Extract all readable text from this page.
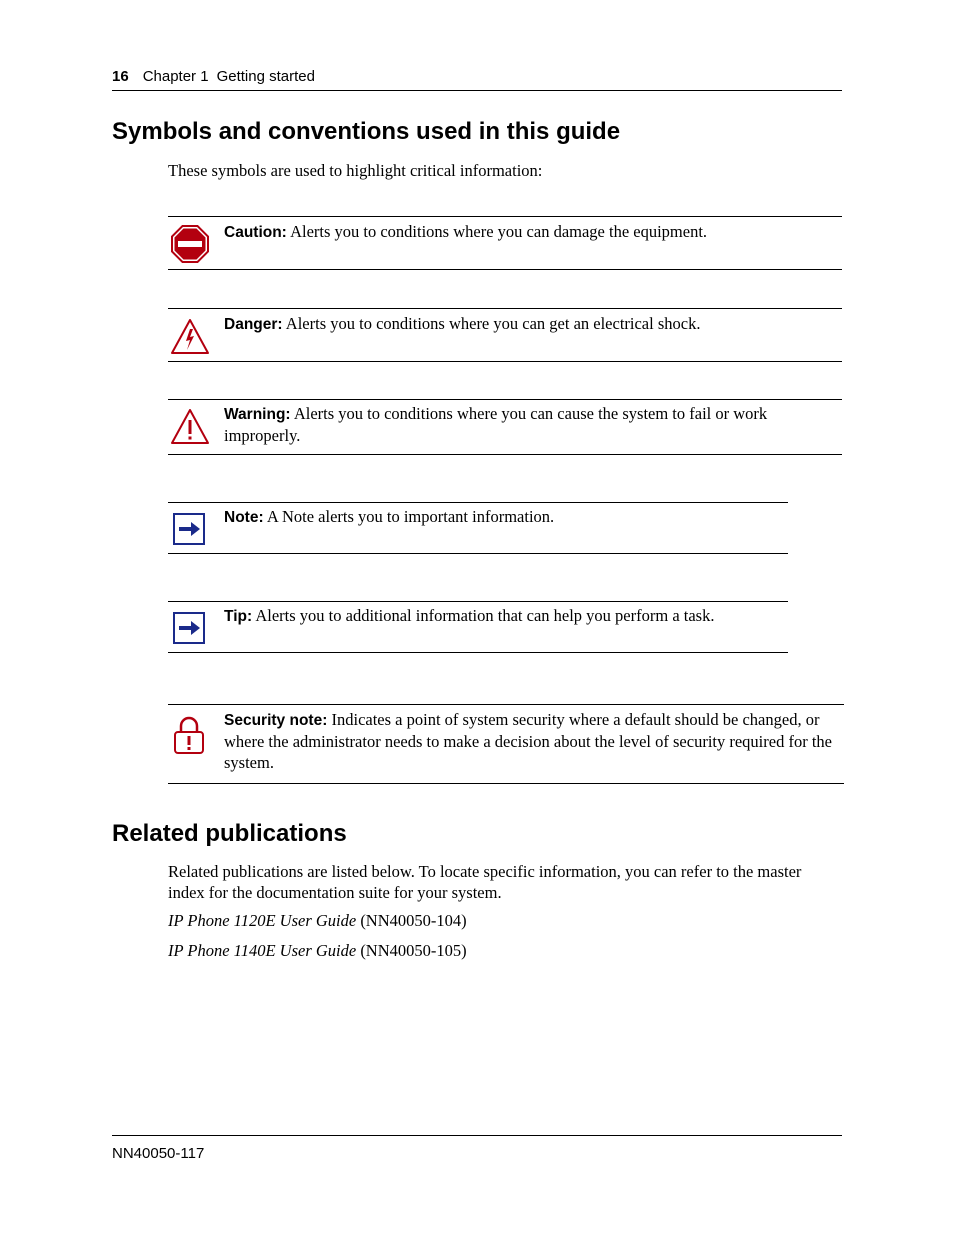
16 Chapter 1 Getting started
Symbols and conventions used in this guide

These symbols are used to highlight critical information:

Caution: Alerts you to conditions where you can damage the equipment.
Danger: Alerts you to conditions where you can get an electrical shock.
Warning: Alerts you to conditions where you can cause the system to fail or work improperly.
Note: A Note alerts you to important information.
Tip: Alerts you to additional information that can help you perform a task.
Security note: Indicates a point of system security where a default should be changed, or where the administrator needs to make a decision about the level of security required for the system.
Related publications

Related publications are listed below. To locate specific information, you can refer to the master index for the documentation suite for your system.

IP Phone 1120E User Guide (NN40050-104)

IP Phone 1140E User Guide (NN40050-105)

NN40050-117
